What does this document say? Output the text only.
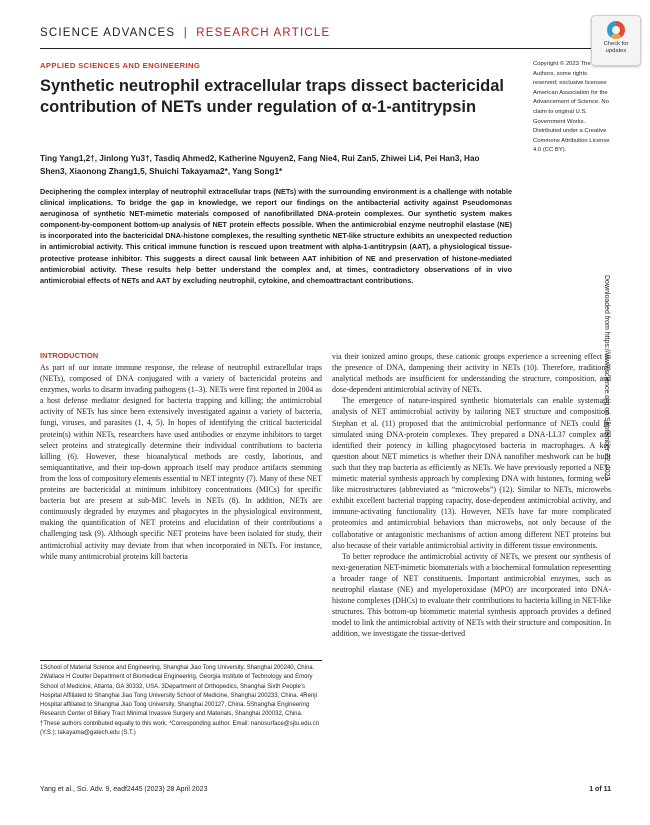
SCIENCE ADVANCES | RESEARCH ARTICLE
Check for
updates
APPLIED SCIENCES AND ENGINEERING
Synthetic neutrophil extracellular traps dissect bactericidal contribution of NETs under regulation of α-1-antitrypsin
Ting Yang1,2†, Jinlong Yu3†, Tasdiq Ahmed2, Katherine Nguyen2, Fang Nie4, Rui Zan5, Zhiwei Li4, Pei Han3, Hao Shen3, Xiaonong Zhang1,5, Shuichi Takayama2*, Yang Song1*
Deciphering the complex interplay of neutrophil extracellular traps (NETs) with the surrounding environment is a challenge with notable clinical implications. To bridge the gap in knowledge, we report our findings on the antibacterial activity against Pseudomonas aeruginosa of synthetic NET-mimetic materials composed of nanofibrillated DNA-protein complexes. Our synthetic system makes component-by-component bottom-up analysis of NET protein effects possible. When the antimicrobial enzyme neutrophil elastase (NE) is incorporated into the bactericidal DNA-histone complexes, the resulting synthetic NET-like structure exhibits an unexpected reduction in antimicrobial activity. This critical immune function is rescued upon treatment with alpha-1-antitrypsin (AAT), a physiological tissue-protective protease inhibitor. This suggests a direct causal link between AAT inhibition of NE and preservation of histone-mediated antimicrobial activity. These results help better understand the complex and, at times, contradictory observations of in vivo antimicrobial effects of NETs and AAT by excluding neutrophil, cytokine, and chemoattractant contributions.
Copyright © 2023 The Authors, some rights reserved; exclusive licensee American Association for the Advancement of Science. No claim to original U.S. Government Works. Distributed under a Creative Commons Attribution License 4.0 (CC BY).
Downloaded from https://www.science.org on September 22, 2023
INTRODUCTION

As part of our innate immune response, the release of neutrophil extracellular traps (NETs), composed of DNA conjugated with a variety of bactericidal proteins and enzymes, works to disarm invading pathogens (1–3). NETs were first reported in 2004 as a host defense mediator designed for bacteria trapping and killing; the antimicrobial activity of NETs has since been extensively investigated against a variety of bacteria, fungi, viruses, and parasites (1, 4, 5). In hopes of identifying the critical bactericidal protein(s) within NETs, researchers have used antibodies or enzyme inhibitors to target select proteins and strategically determine their individual contributions to bacteria killing (6). However, these bioanalytical methods are costly, laborious, and semiquantitative, and their top-down approach itself may produce artifacts stemming from the loss of compository elements essential to NET integrity (7). Many of these NET proteins are bactericidal at minimum inhibitory concentrations (MICs) for specific bacteria but are present at sub-MIC levels in NETs (8). In addition, NETs are continuously degraded by enzymes and phagocytes in the physiological environment, making the quantification of NET proteins and elucidation of their contributions a challenging task (9). Although specific NET proteins have been isolated for study, their antimicrobial activity may deviate from that when incorporated in NETs. For instance, while many antimicrobial proteins kill bacteria

via their ionized amino groups, these cationic groups experience a screening effect in the presence of DNA, dampening their activity in NETs (10). Therefore, traditional analytical methods are insufficient for understanding the structure, composition, and dose-dependent antimicrobial activity of NETs.

The emergence of nature-inspired synthetic biomaterials can enable systematic analysis of NET antimicrobial activity by tailoring NET structure and composition. Stephan et al. (11) proposed that the antimicrobial performance of NETs could be simulated using DNA-protein complexes. They prepared a DNA-LL37 complex and identified their potency in killing phagocytosed bacteria in macrophages. A key question about NET mimetics is whether their DNA nanofiber meshwork can be built such that they trap bacteria as efficiently as NETs. We have previously reported a NET-mimetic material synthesis approach by complexing DNA with histones, forming web-like microstructures (abbreviated as “microwebs”) (12). Similar to NETs, microwebs exhibit excellent bacterial trapping capacity, dose-dependent antimicrobial activity, and immune-activating functionality (13). However, NETs have far more complicated proteomics and antimicrobial behaviors than microwebs, not only because of the collaborative or antagonistic mechanisms of action among different NET proteins but also because of their variable antimicrobial activity in different tissue environments.

To better reproduce the antimicrobial activity of NETs, we present our synthesis of next-generation NET-mimetic biomaterials with a biochemical formulation representing a broader range of NET constituents. Important antimicrobial enzymes, such as neutrophil elastase (NE) and myeloperoxidase (MPO) are incorporated into DNA-histone complexes (DHCs) to evaluate their contributions to bacteria killing in NET-like structures. This bottom-up biomimetic material synthesis approach provides a defined model to link the antimicrobial activity of NETs with their structure and composition. In addition, we investigate the tissue-derived

1School of Material Science and Engineering, Shanghai Jiao Tong University, Shanghai 200240, China. 2Wallace H Coulter Department of Biomedical Engineering, Georgia Institute of Technology and Emory School of Medicine, Atlanta, GA 30332, USA. 3Department of Orthopedics, Shanghai Sixth People’s Hospital Affiliated to Shanghai Jiao Tong University School of Medicine, Shanghai 200233, China. 4Renji Hospital affiliated to Shanghai Jiao Tong University, Shanghai 200127, China. 5Shanghai Engineering Research Center of Biliary Tract Minimal Invasive Surgery and Materials, Shanghai 200032, China. †These authors contributed equally to this work. *Corresponding author. Email: nanosurface@sjtu.edu.cn (Y.S.); takayama@gatech.edu (S.T.)
Yang et al., Sci. Adv. 9, eadf2445 (2023) 28 April 2023	1 of 11
